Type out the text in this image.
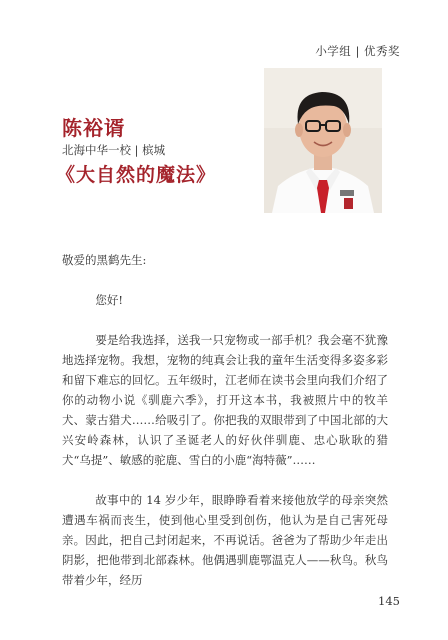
小学组 | 优秀奖
陈裕谞
北海中华一校 | 槟城
《大自然的魔法》

敬爱的黑鹤先生:

您好!

要是给我选择，送我一只宠物或一部手机？我会毫不犹豫地选择宠物。我想，宠物的纯真会让我的童年生活变得多姿多彩和留下难忘的回忆。五年级时，江老师在读书会里向我们介绍了你的动物小说《驯鹿六季》，打开这本书，我被照片中的牧羊犬、蒙古猎犬……给吸引了。你把我的双眼带到了中国北部的大兴安岭森林，认识了圣诞老人的好伙伴驯鹿、忠心耿耿的猎犬“乌提”、敏感的驼鹿、雪白的小鹿“海特薇”……

故事中的 14 岁少年，眼睁睁看着来接他放学的母亲突然遭遇车祸而丧生，使到他心里受到创伤，他认为是自己害死母亲。因此，把自己封闭起来，不再说话。爸爸为了帮助少年走出阴影，把他带到北部森林。他偶遇驯鹿鄂温克人——秋鸟。秋鸟带着少年，经历

145
